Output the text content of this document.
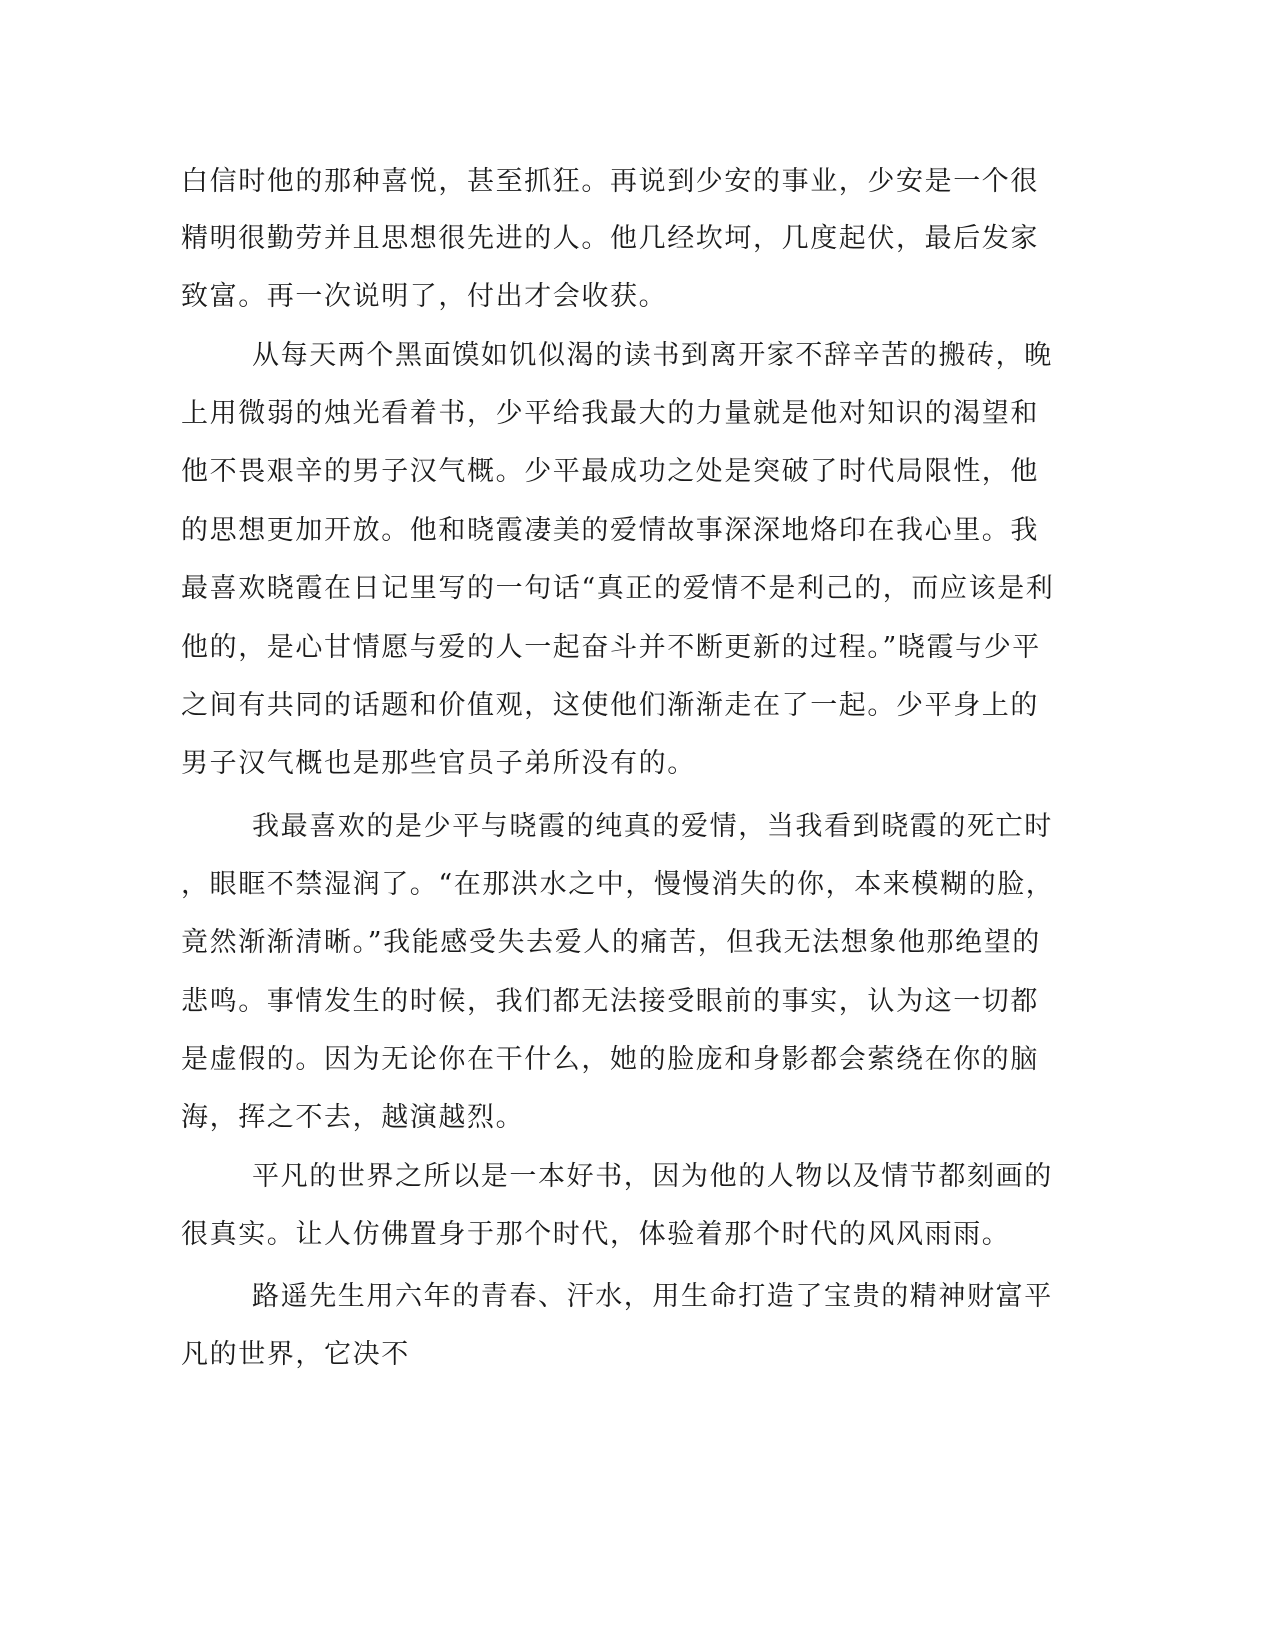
白信时他的那种喜悦，甚至抓狂。再说到少安的事业，少安是一个很
精明很勤劳并且思想很先进的人。他几经坎坷，几度起伏，最后发家
致富。再一次说明了，付出才会收获。
从每天两个黑面馍如饥似渴的读书到离开家不辞辛苦的搬砖，晚
上用微弱的烛光看着书，少平给我最大的力量就是他对知识的渴望和
他不畏艰辛的男子汉气概。少平最成功之处是突破了时代局限性，他
的思想更加开放。他和晓霞凄美的爱情故事深深地烙印在我心里。我
最喜欢晓霞在日记里写的一句话“真正的爱情不是利己的，而应该是利
他的，是心甘情愿与爱的人一起奋斗并不断更新的过程。”晓霞与少平
之间有共同的话题和价值观，这使他们渐渐走在了一起。少平身上的
男子汉气概也是那些官员子弟所没有的。
我最喜欢的是少平与晓霞的纯真的爱情，当我看到晓霞的死亡时
，眼眶不禁湿润了。“在那洪水之中，慢慢消失的你，本来模糊的脸，
竟然渐渐清晰。”我能感受失去爱人的痛苦，但我无法想象他那绝望的
悲鸣。事情发生的时候，我们都无法接受眼前的事实，认为这一切都
是虚假的。因为无论你在干什么，她的脸庞和身影都会萦绕在你的脑
海，挥之不去，越演越烈。
平凡的世界之所以是一本好书，因为他的人物以及情节都刻画的
很真实。让人仿佛置身于那个时代，体验着那个时代的风风雨雨。
路遥先生用六年的青春、汗水，用生命打造了宝贵的精神财富平
凡的世界，它决不
